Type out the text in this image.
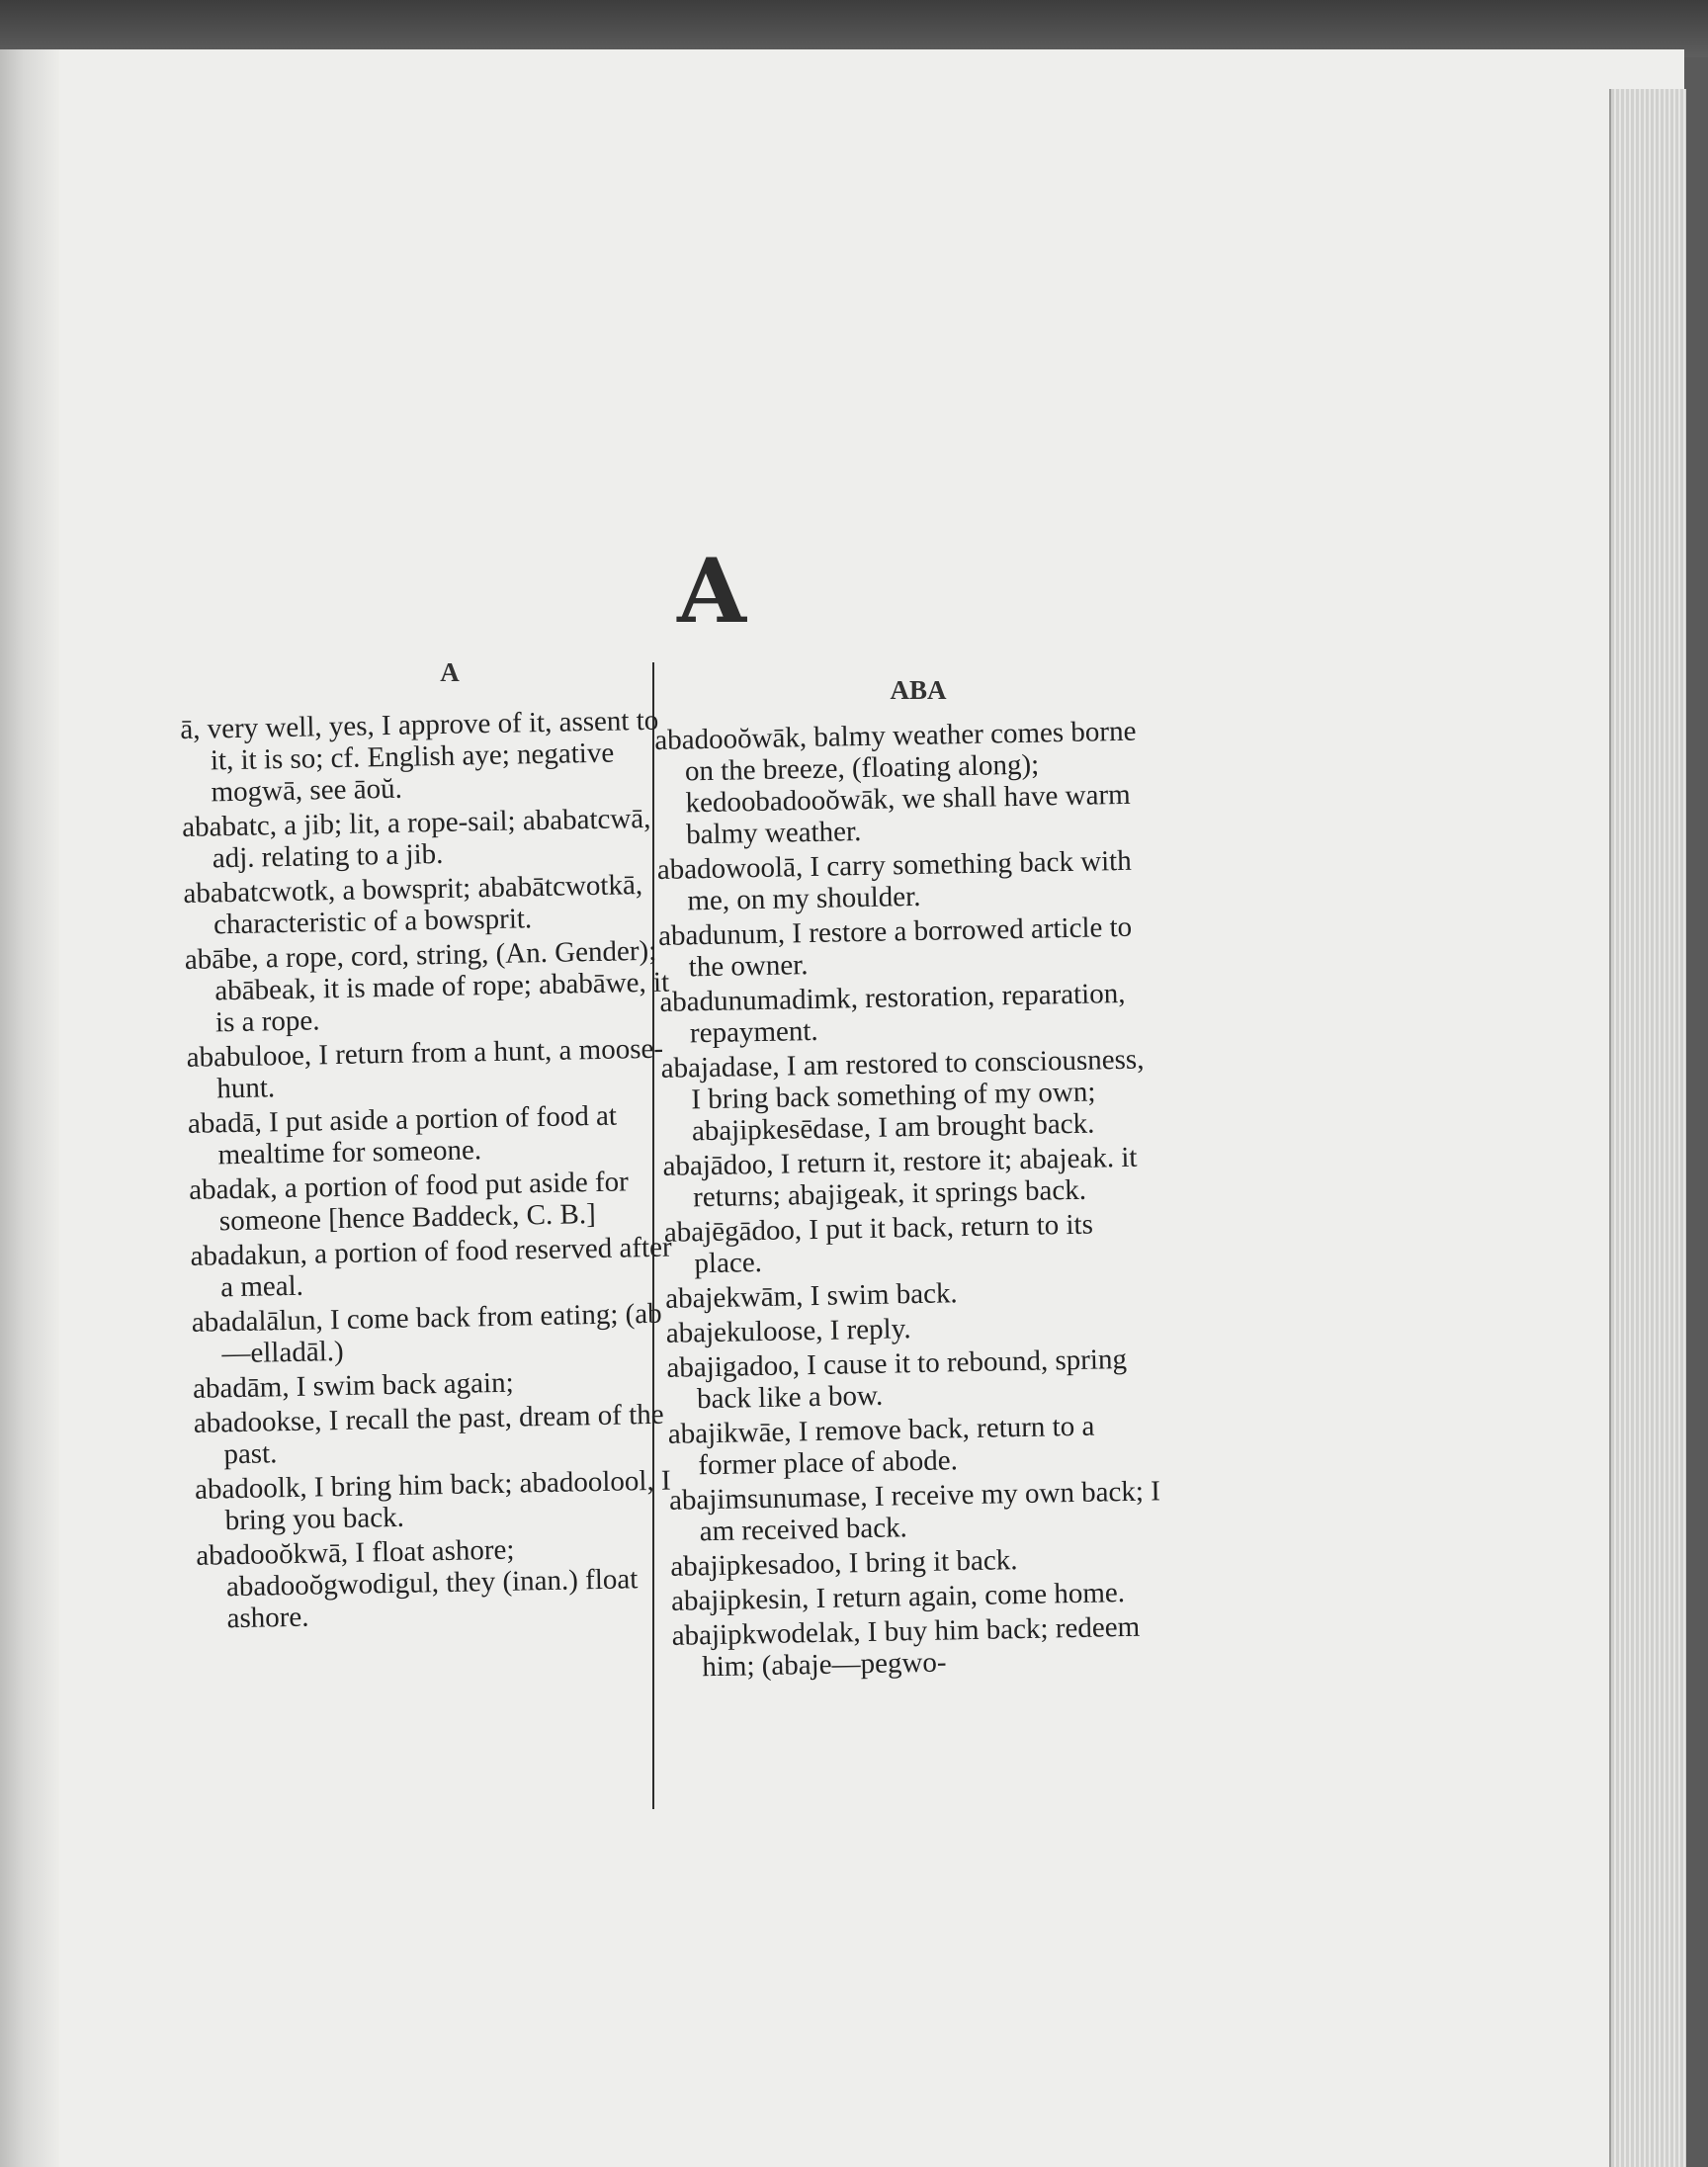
A
A
ABA
ā, very well, yes, I approve of it, assent to it, it is so; cf. English aye; negative mogwā, see āoŭ.
ababatc, a jib; lit, a rope-sail; ababatcwā, adj. relating to a jib.
ababatcwotk, a bowsprit; ababātcwotkā, characteristic of a bowsprit.
abābe, a rope, cord, string, (An. Gender); abābeak, it is made of rope; ababāwe, it is a rope.
ababulooe, I return from a hunt, a moose-hunt.
abadā, I put aside a portion of food at mealtime for someone.
abadak, a portion of food put aside for someone [hence Baddeck, C. B.]
abadakun, a portion of food reserved after a meal.
abadalālun, I come back from eating; (ab—elladāl.)
abadām, I swim back again;
abadookse, I recall the past, dream of the past.
abadoolk, I bring him back; abadoolool, I bring you back.
abadooŏkwā, I float ashore; abadooŏgwodigul, they (inan.) float ashore.
abadooŏwāk, balmy weather comes borne on the breeze, (floating along); kedoobadooŏwāk, we shall have warm balmy weather.
abadowoolā, I carry something back with me, on my shoulder.
abadunum, I restore a borrowed article to the owner.
abadunumadimk, restoration, reparation, repayment.
abajadase, I am restored to consciousness, I bring back something of my own; abajipkesēdase, I am brought back.
abajādoo, I return it, restore it; abajeak. it returns; abajigeak, it springs back.
abajēgādoo, I put it back, return to its place.
abajekwām, I swim back.
abajekuloose, I reply.
abajigadoo, I cause it to rebound, spring back like a bow.
abajikwāe, I remove back, return to a former place of abode.
abajimsunumase, I receive my own back; I am received back.
abajipkesadoo, I bring it back.
abajipkesin, I return again, come home.
abajipkwodelak, I buy him back; redeem him; (abaje—pegwo-
